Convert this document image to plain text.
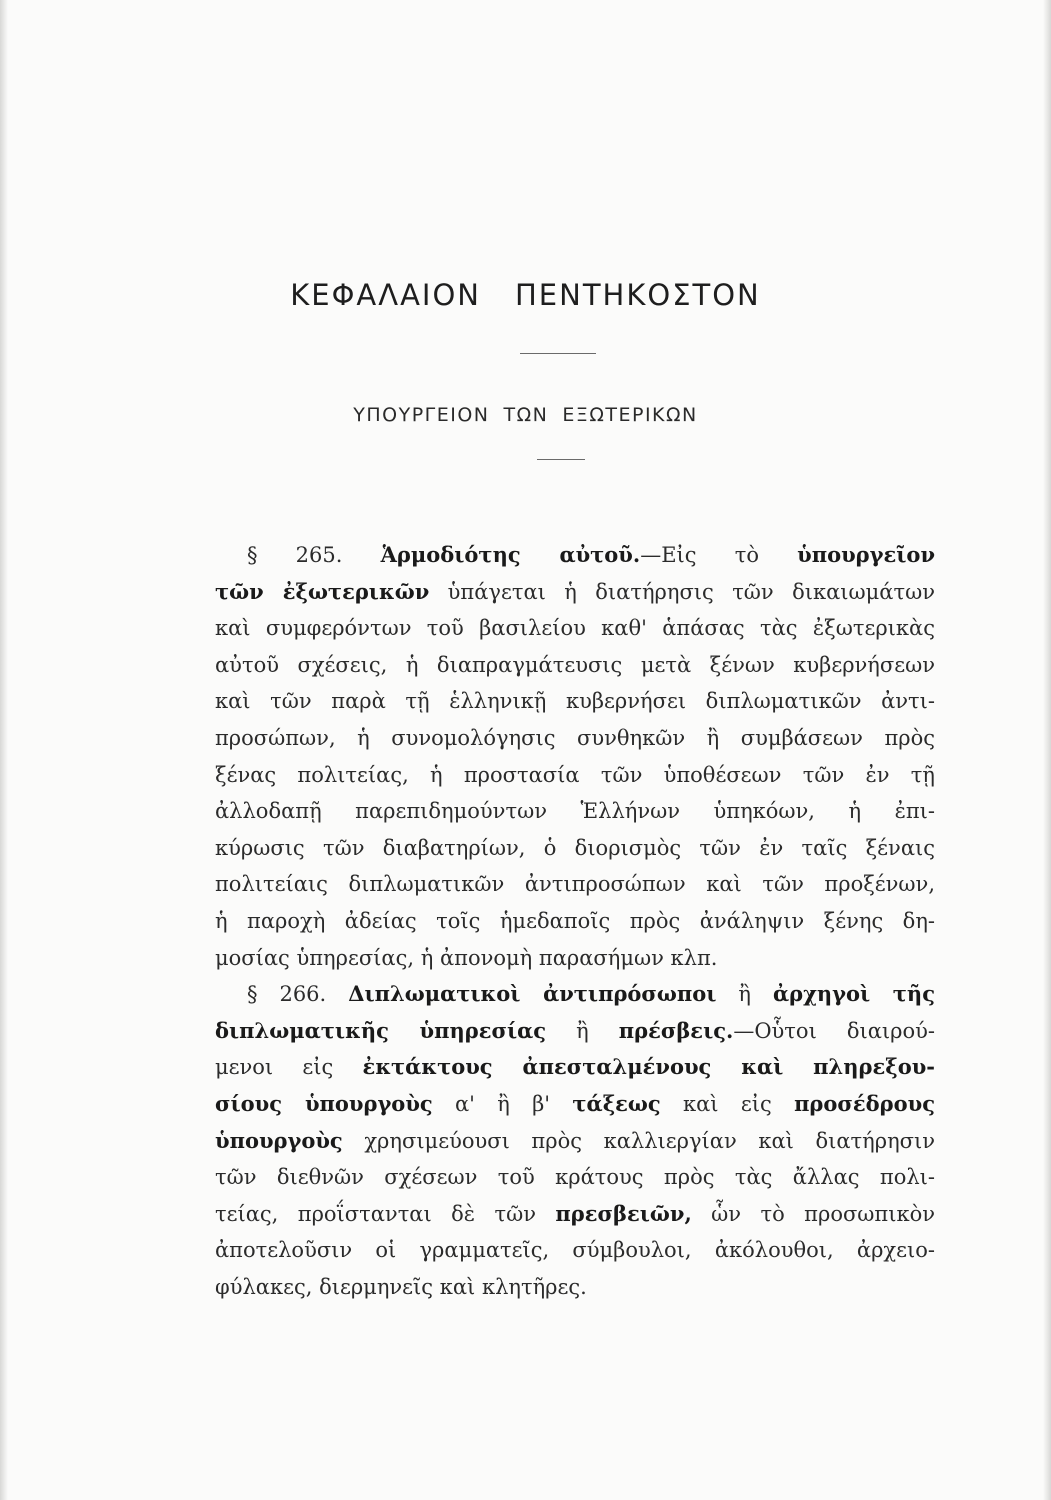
ΚΕΦΑΛΑΙΟΝ ΠΕΝΤΗΚΟΣΤΟΝ
ΥΠΟΥΡΓΕΙΟΝ ΤΩΝ ΕΞΩΤΕΡΙΚΩΝ
§ 265. Ἁρμοδιότης αὐτοῦ.—Εἰς τὸ ὑπουργεῖον
τῶν ἐξωτερικῶν ὑπάγεται ἡ διατήρησις τῶν δικαιωμάτων
καὶ συμφερόντων τοῦ βασιλείου καθ' ἁπάσας τὰς ἐξωτερικὰς
αὐτοῦ σχέσεις, ἡ διαπραγμάτευσις μετὰ ξένων κυβερνήσεων
καὶ τῶν παρὰ τῇ ἑλληνικῇ κυβερνήσει διπλωματικῶν ἀντι-
προσώπων, ἡ συνομολόγησις συνθηκῶν ἢ συμβάσεων πρὸς
ξένας πολιτείας, ἡ προστασία τῶν ὑποθέσεων τῶν ἐν τῇ
ἀλλοδαπῇ παρεπιδημούντων Ἑλλήνων ὑπηκόων, ἡ ἐπι-
κύρωσις τῶν διαβατηρίων, ὁ διορισμὸς τῶν ἐν ταῖς ξέναις
πολιτείαις διπλωματικῶν ἀντιπροσώπων καὶ τῶν προξένων,
ἡ παροχὴ ἀδείας τοῖς ἡμεδαποῖς πρὸς ἀνάληψιν ξένης δη-
μοσίας ὑπηρεσίας, ἡ ἀπονομὴ παρασήμων κλπ.
§ 266. Διπλωματικοὶ ἀντιπρόσωποι ἢ ἀρχηγοὶ τῆς
διπλωματικῆς ὑπηρεσίας ἢ πρέσβεις.—Οὗτοι διαιρού-
μενοι εἰς ἐκτάκτους ἀπεσταλμένους καὶ πληρεξου-
σίους ὑπουργοὺς α' ἢ β' τάξεως καὶ εἰς προσέδρους
ὑπουργοὺς χρησιμεύουσι πρὸς καλλιεργίαν καὶ διατήρησιν
τῶν διεθνῶν σχέσεων τοῦ κράτους πρὸς τὰς ἄλλας πολι-
τείας, προΐστανται δὲ τῶν πρεσβειῶν, ὧν τὸ προσωπικὸν
ἀποτελοῦσιν οἱ γραμματεῖς, σύμβουλοι, ἀκόλουθοι, ἀρχειο-
φύλακες, διερμηνεῖς καὶ κλητῆρες.
